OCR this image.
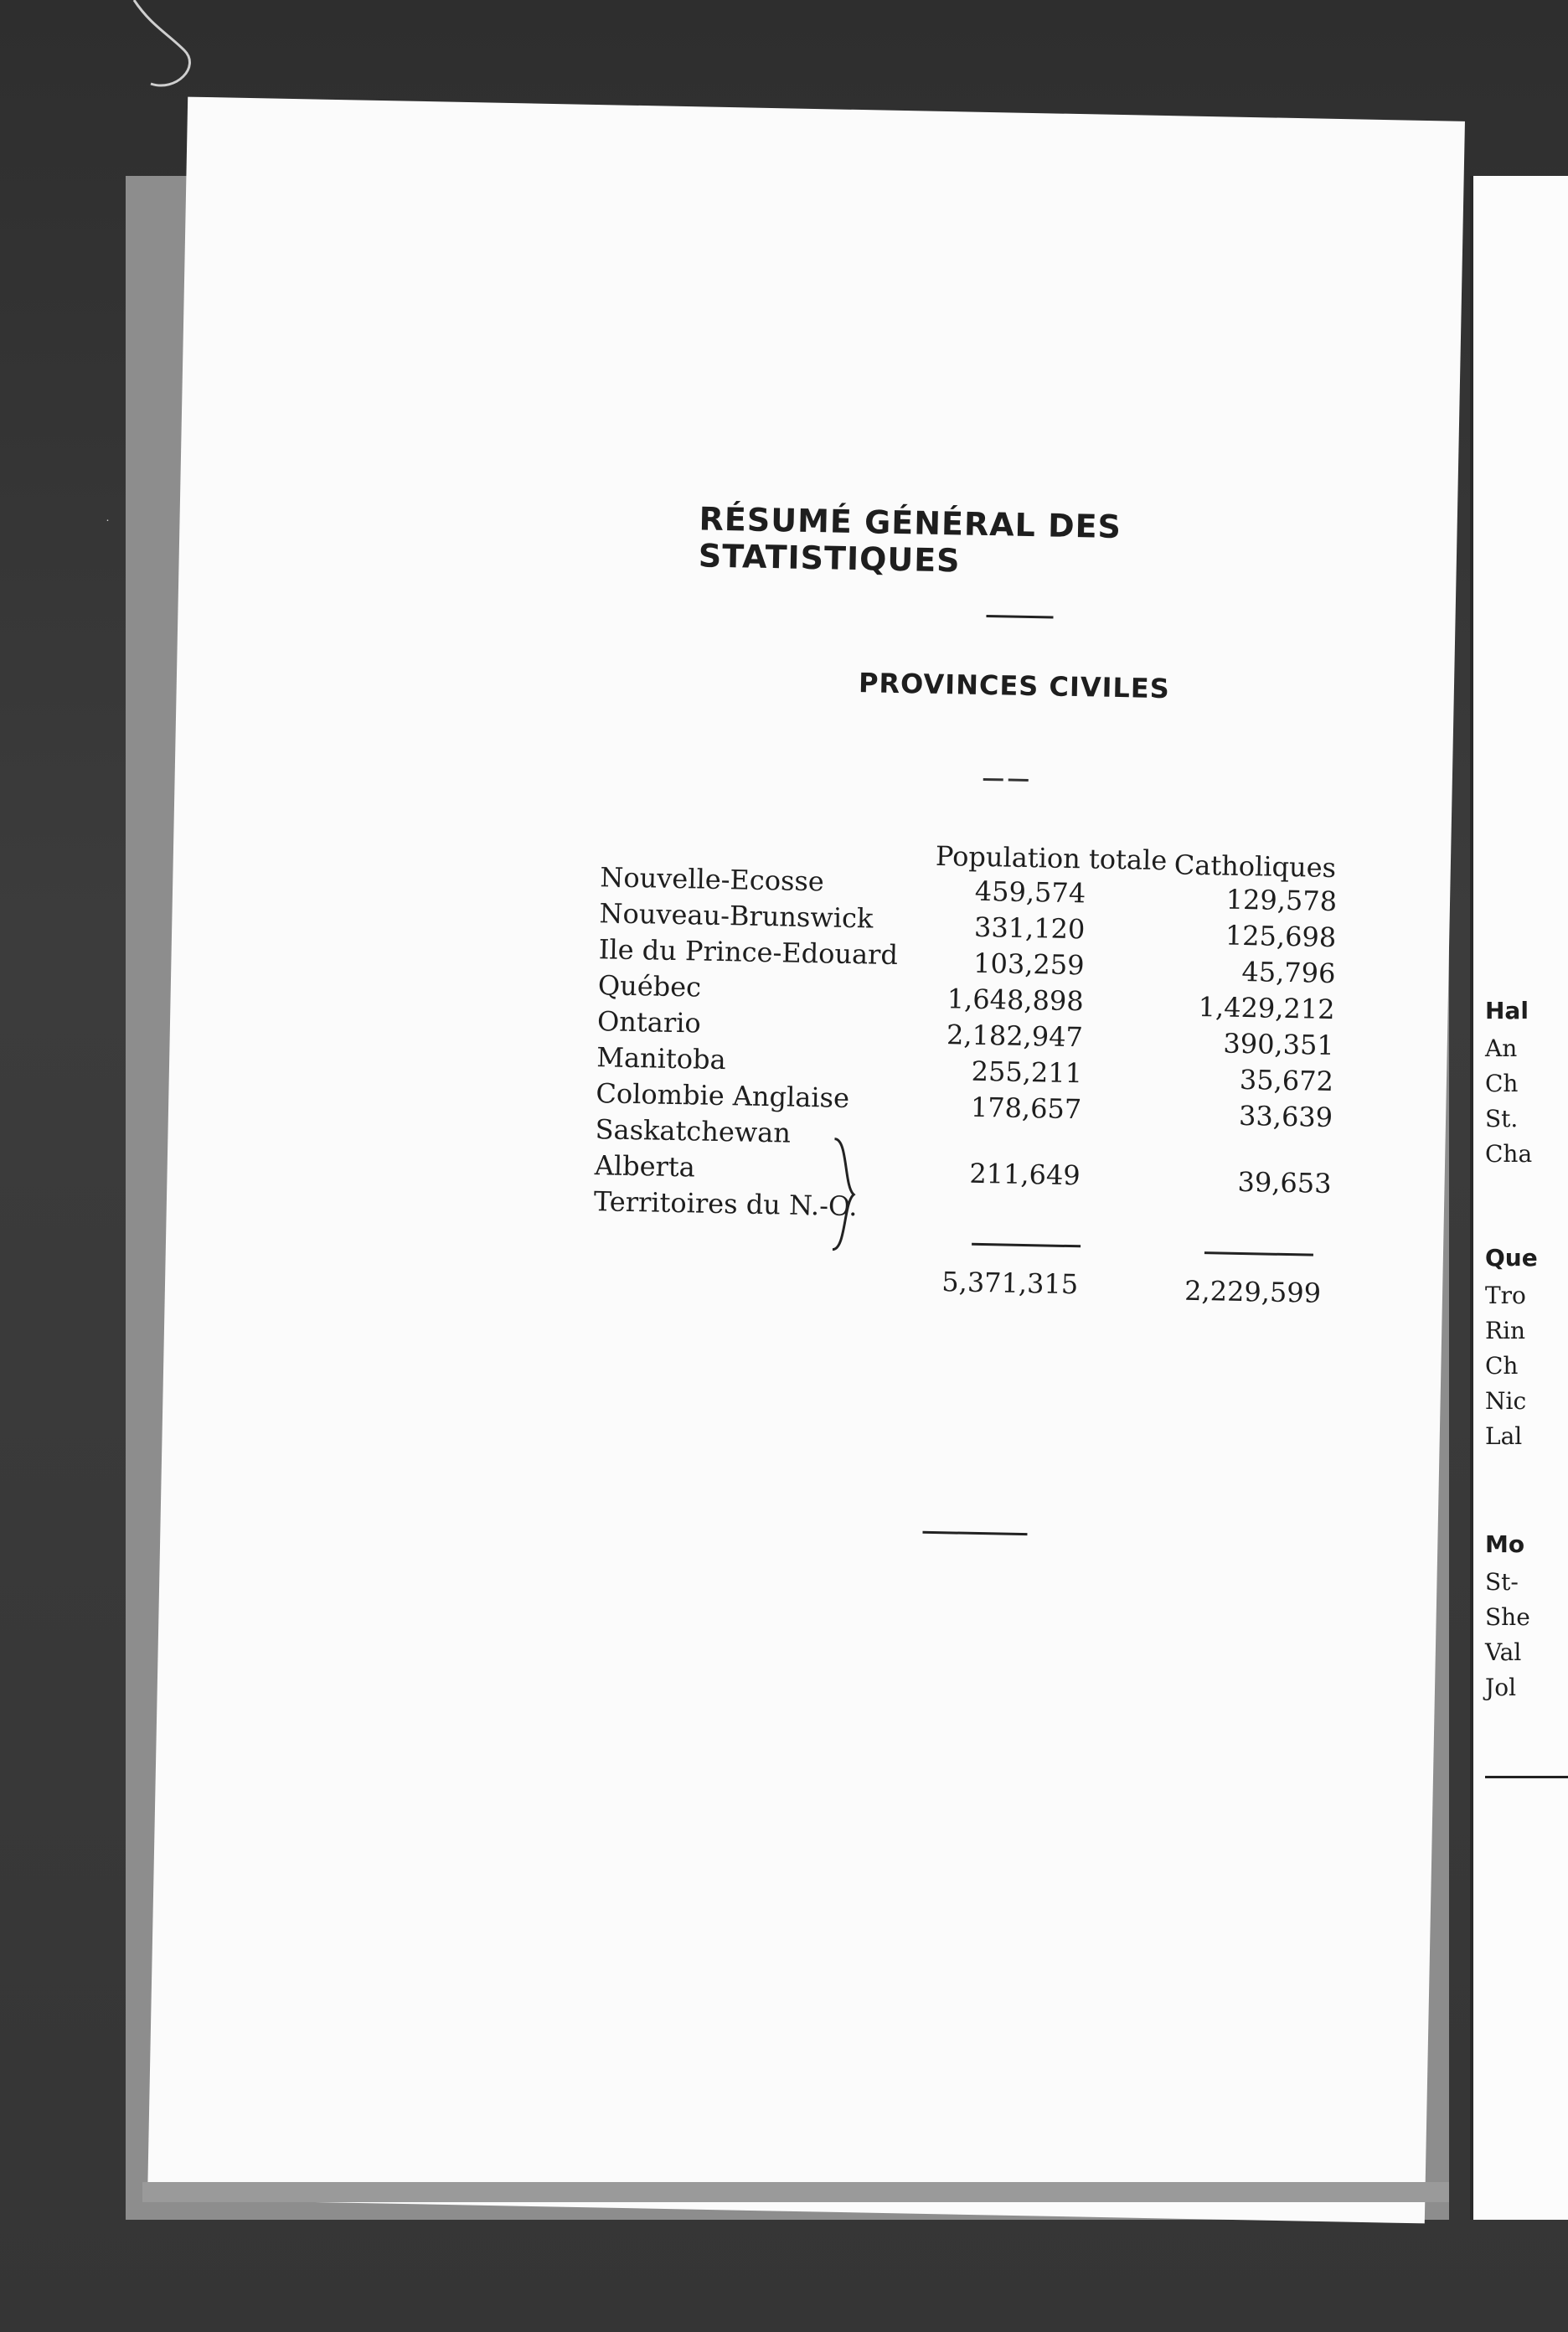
Hal
An
Ch
St.
Cha
Que
Tro
Rin
Ch
Nic
Lal
Mo
St-
She
Val
Jol
RÉSUMÉ GÉNÉRAL DES STATISTIQUES
PROVINCES CIVILES
Population totale Catholiques
Nouvelle-Ecosse
Nouveau-Brunswick
Ile du Prince-Edouard
Québec
Ontario
Manitoba
Colombie Anglaise
Saskatchewan
Alberta
Territoires du N.-O.
459,574
331,120
103,259
1,648,898
2,182,947
255,211
178,657
211,649
129,578
125,698
45,796
1,429,212
390,351
35,672
33,639
39,653
5,371,315	2,229,599
˙
